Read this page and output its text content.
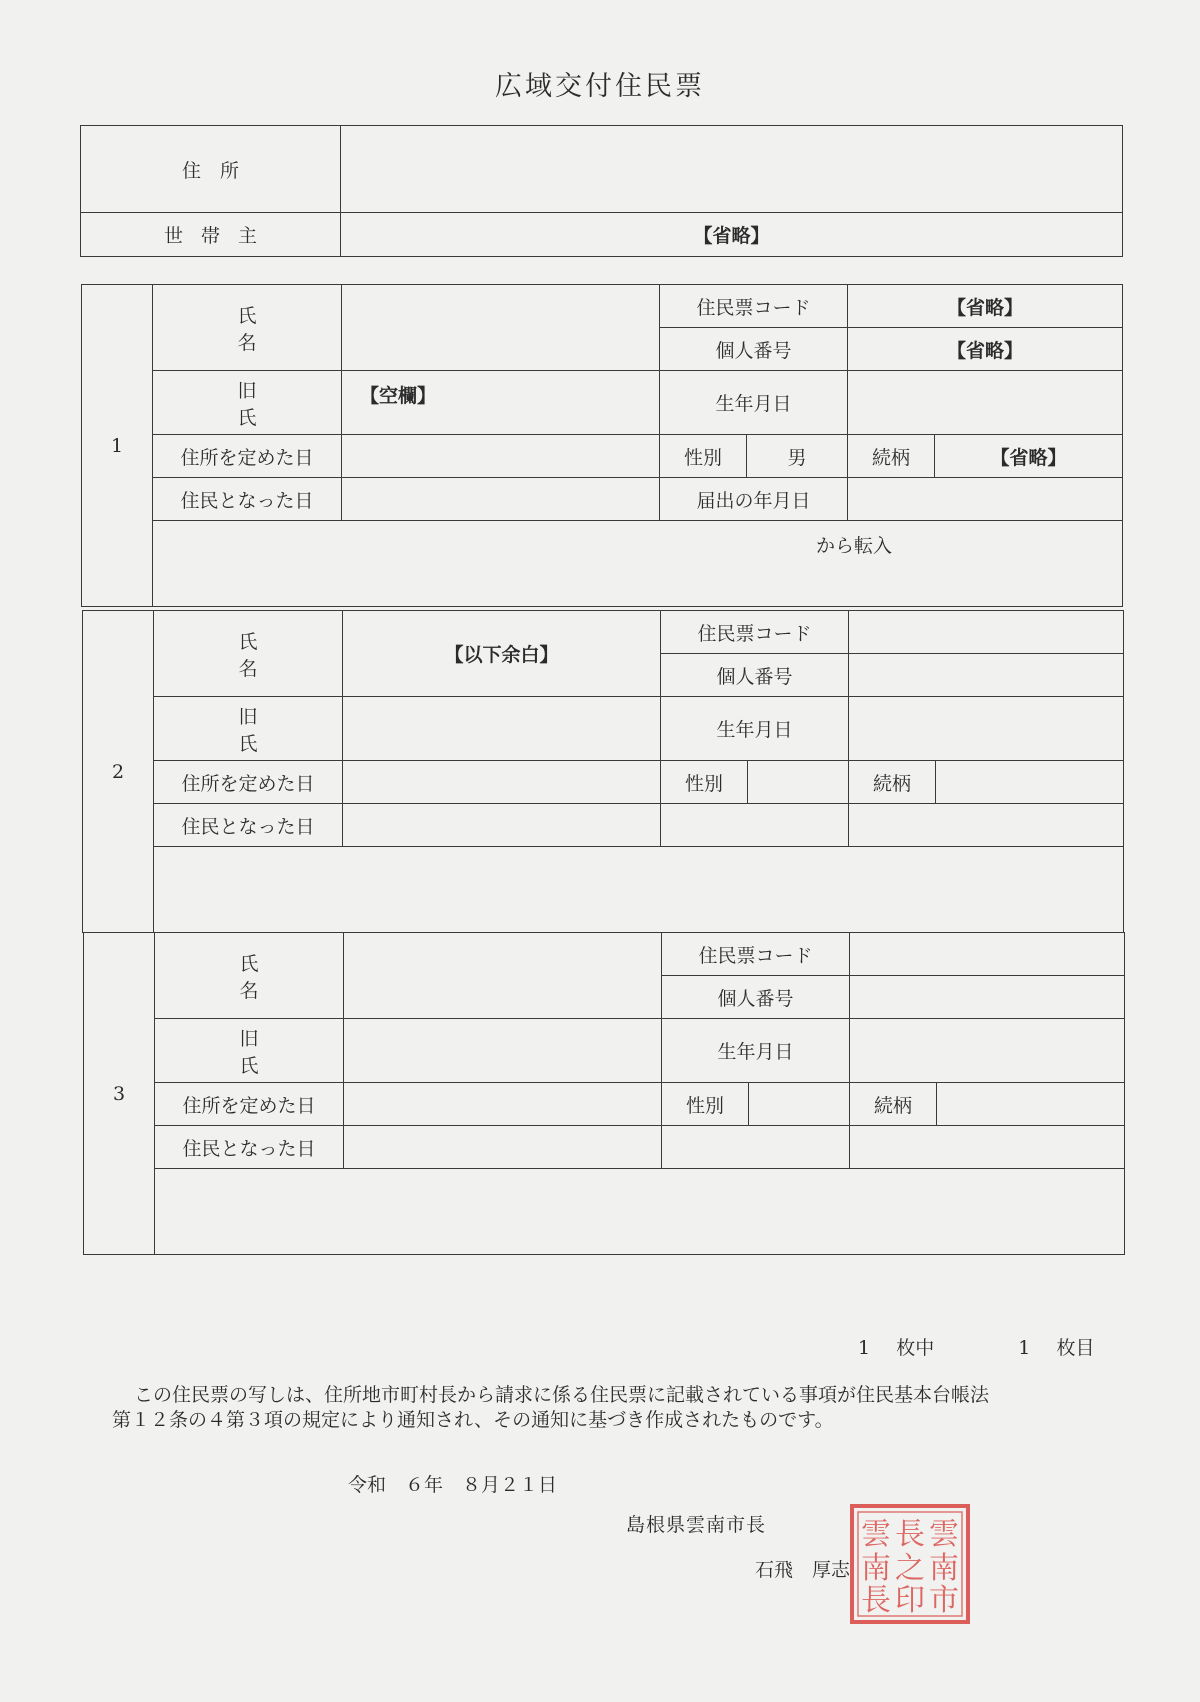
広域交付住民票
住　所	
世帯主	【省略】
1	氏名		住民票コード		【省略】	
			個人番号		【省略】	
	旧氏	【空欄】	生年月日			
	住所を定めた日		性別	男	続柄	【省略】
	住民となった日		届出の年月日			
	から転入					
2	氏名	【以下余白】	住民票コード			
			個人番号			
	旧氏		生年月日			
	住所を定めた日		性別		続柄	
	住民となった日					

3	氏名		住民票コード			
			個人番号			
	旧氏		生年月日			
	住所を定めた日		性別		続柄	
	住民となった日					

1 枚中	1 枚目
この住民票の写しは、住所地市町村長から請求に係る住民票に記載されている事項が住民基本台帳法
第１２条の４第３項の規定により通知され、その通知に基づき作成されたものです。
令和　６年　８月２１日
島根県雲南市長
石飛　厚志
雲
南
市
長
之
印
雲
南
長
